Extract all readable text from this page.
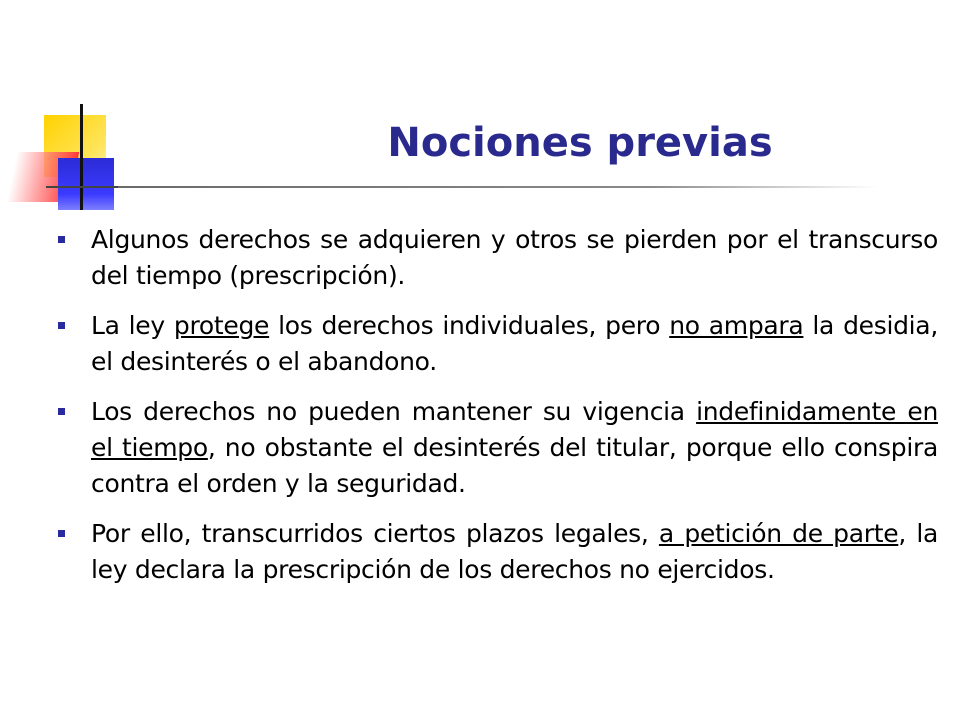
Nociones previas
Algunos derechos se adquieren y otros se pierden por el transcurso del tiempo (prescripción).
La ley protege los derechos individuales, pero no ampara la desidia, el desinterés o el abandono.
Los derechos no pueden mantener su vigencia indefinidamente en el tiempo, no obstante el desinterés del titular, porque ello conspira contra el orden y la seguridad.
Por ello, transcurridos ciertos plazos legales, a petición de parte, la ley declara la prescripción de los derechos no ejercidos.
